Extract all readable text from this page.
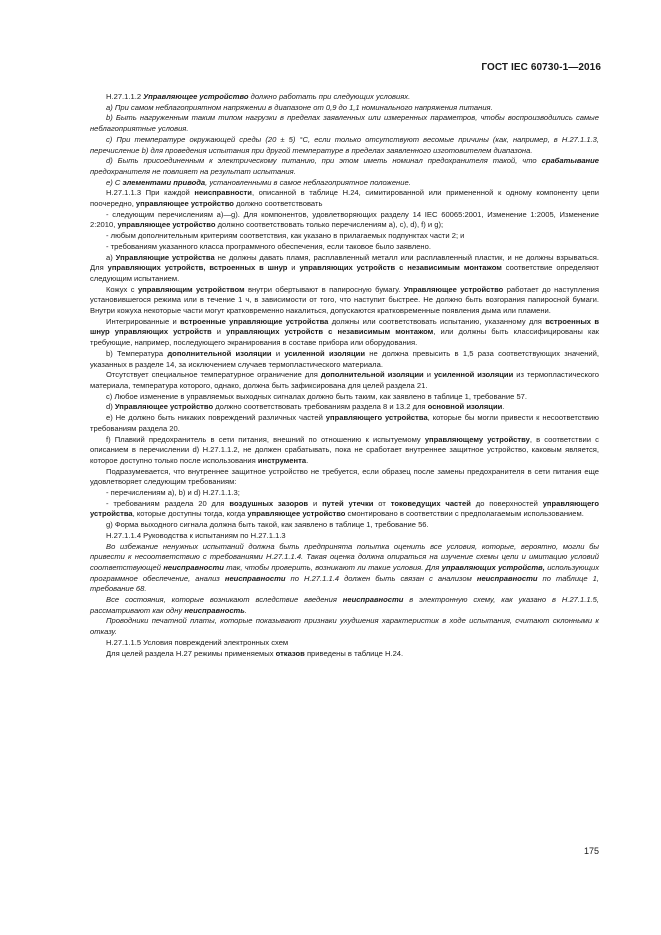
ГОСТ IEC 60730-1—2016

Н.27.1.1.2 Управляющее устройство должно работать при следующих условиях.

а) При самом неблагоприятном напряжении в диапазоне от 0,9 до 1,1 номинального напряжения питания.

b) Быть нагруженным таким типом нагрузки в пределах заявленных или измеренных параметров, чтобы воспроизводились самые неблагоприятные условия.

с) При температуре окружающей среды (20 ± 5) °С, если только отсутствуют весомые причины (как, например, в Н.27.1.1.3, перечисление b) для проведения испытания при другой температуре в пределах заявленного изготовителем диапазона.

d) Быть присоединенным к электрическому питанию, при этом иметь номинал предохранителя такой, что срабатывание предохранителя не повлияет на результат испытания.

е) С элементами привода, установленными в самое неблагоприятное положение.

Н.27.1.1.3 При каждой неисправности, описанной в таблице Н.24, симитированной или примененной к одному компоненту цепи поочередно, управляющее устройство должно соответствовать

- следующим перечислениям а)—g). Для компонентов, удовлетворяющих разделу 14 IEC 60065:2001, Изменение 1:2005, Изменение 2:2010, управляющее устройство должно соответствовать только перечислениям а), с), d), f) и g);

- любым дополнительным критериям соответствия, как указано в прилагаемых подпунктах части 2; и

- требованиям указанного класса программного обеспечения, если таковое было заявлено.

а) Управляющие устройства не должны давать пламя, расплавленный металл или расплавленный пластик, и не должны взрываться. Для управляющих устройств, встроенных в шнур и управляющих устройств с независимым монтажом соответствие определяют следующим испытанием.

Кожух с управляющим устройством внутри обертывают в папиросную бумагу. Управляющее устройство работает до наступления установившегося режима или в течение 1 ч, в зависимости от того, что наступит быстрее. Не должно быть возгорания папиросной бумаги. Внутри кожуха некоторые части могут кратковременно накалиться, допускаются кратковременные появления дыма или пламени.

Интегрированные и встроенные управляющие устройства должны или соответствовать испытанию, указанному для встроенных в шнур управляющих устройств и управляющих устройств с независимым монтажом, или должны быть классифицированы как требующие, например, последующего экранирования в составе прибора или оборудования.

b) Температура дополнительной изоляции и усиленной изоляции не должна превысить в 1,5 раза соответствующих значений, указанных в разделе 14, за исключением случаев термопластического материала.

Отсутствует специальное температурное ограничение для дополнительной изоляции и усиленной изоляции из термопластического материала, температура которого, однако, должна быть зафиксирована для целей раздела 21.

с) Любое изменение в управляемых выходных сигналах должно быть таким, как заявлено в таблице 1, требование 57.

d) Управляющее устройство должно соответствовать требованиям раздела 8 и 13.2 для основной изоляции.

е) Не должно быть никаких повреждений различных частей управляющего устройства, которые бы могли привести к несоответствию требованиям раздела 20.

f) Плавкий предохранитель в сети питания, внешний по отношению к испытуемому управляющему устройству, в соответствии с описанием в перечислении d) Н.27.1.1.2, не должен срабатывать, пока не сработает внутреннее защитное устройство, каковым является, которое доступно только после использования инструмента.

Подразумевается, что внутреннее защитное устройство не требуется, если образец после замены предохранителя в сети питания еще удовлетворяет следующим требованиям:

- перечислениям а), b) и d) Н.27.1.1.3;

- требованиям раздела 20 для воздушных зазоров и путей утечки от токоведущих частей до поверхностей управляющего устройства, которые доступны тогда, когда управляющее устройство смонтировано в соответствии с предполагаемым использованием.

g) Форма выходного сигнала должна быть такой, как заявлено в таблице 1, требование 56.

Н.27.1.1.4 Руководства к испытаниям по Н.27.1.1.3

Во избежание ненужных испытаний должна быть предпринята попытка оценить все условия, которые, вероятно, могли бы привести к несоответствию с требованиями Н.27.1.1.4. Такая оценка должна опираться на изучение схемы цепи и имитацию условий соответствующей неисправности так, чтобы проверить, возникают ли такие условия. Для управляющих устройств, использующих программное обеспечение, анализ неисправности по Н.27.1.1.4 должен быть связан с анализом неисправности по таблице 1, требование 68.

Все состояния, которые возникают вследствие введения неисправности в электронную схему, как указано в Н.27.1.1.5, рассматривают как одну неисправность.

Проводники печатной платы, которые показывают признаки ухудшения характеристик в ходе испытания, считают склонными к отказу.

Н.27.1.1.5 Условия повреждений электронных схем

Для целей раздела Н.27 режимы применяемых отказов приведены в таблице Н.24.

175
